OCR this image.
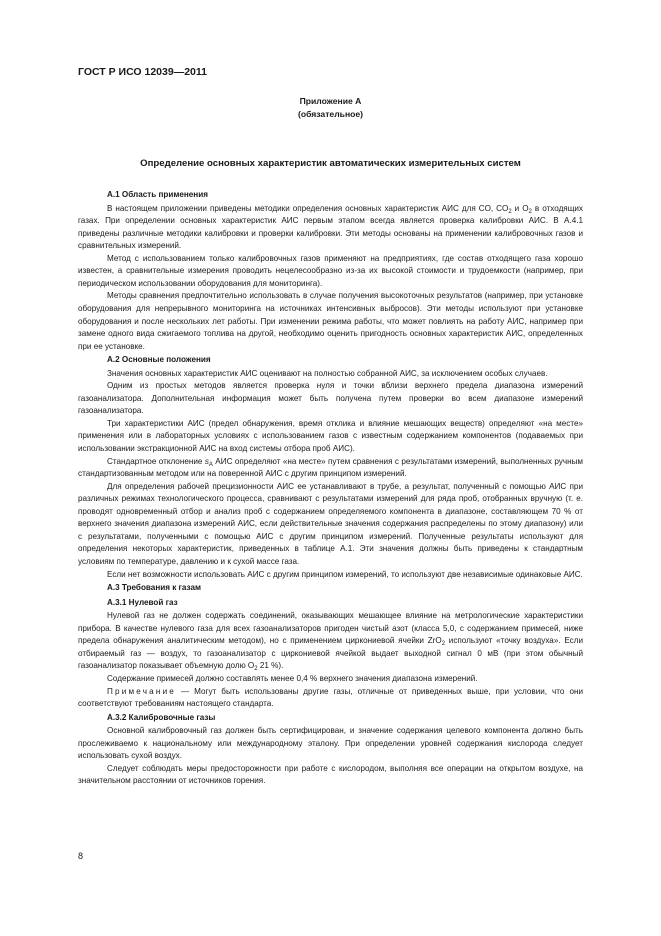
ГОСТ Р ИСО 12039—2011
Приложение А
(обязательное)
Определение основных характеристик автоматических измерительных систем
А.1 Область применения

В настоящем приложении приведены методики определения основных характеристик АИС для CO, $CO_2$ и $O_2$ в отходящих газах. При определении основных характеристик АИС первым этапом всегда является проверка калибровки АИС. В А.4.1 приведены различные методики калибровки и проверки калибровки. Эти методы основаны на применении калибровочных газов и сравнительных измерений.

Метод с использованием только калибровочных газов применяют на предприятиях, где состав отходящего газа хорошо известен, а сравнительные измерения проводить нецелесообразно из-за их высокой стоимости и трудоемкости (например, при периодическом использовании оборудования для мониторинга).

Методы сравнения предпочтительно использовать в случае получения высокоточных результатов (например, при установке оборудования для непрерывного мониторинга на источниках интенсивных выбросов). Эти методы используют при установке оборудования и после нескольких лет работы. При изменении режима работы, что может повлиять на работу АИС, например при замене одного вида сжигаемого топлива на другой, необходимо оценить пригодность основных характеристик АИС, определенных при ее установке.

А.2 Основные положения

Значения основных характеристик АИС оценивают на полностью собранной АИС, за исключением особых случаев.

Одним из простых методов является проверка нуля и точки вблизи верхнего предела диапазона измерений газоанализатора. Дополнительная информация может быть получена путем проверки во всем диапазоне измерений газоанализатора.

Три характеристики АИС (предел обнаружения, время отклика и влияние мешающих веществ) определяют «на месте» применения или в лабораторных условиях с использованием газов с известным содержанием компонентов (подаваемых при использовании экстракционной АИС на вход системы отбора проб АИС).

Стандартное отклонение $s_A$ АИС определяют «на месте» путем сравнения с результатами измерений, выполненных ручным стандартизованным методом или на поверенной АИС с другим принципом измерений.

Для определения рабочей прецизионности АИС ее устанавливают в трубе, а результат, полученный с помощью АИС при различных режимах технологического процесса, сравнивают с результатами измерений для ряда проб, отобранных вручную (т. е. проводят одновременный отбор и анализ проб с содержанием определяемого компонента в диапазоне, составляющем 70 % от верхнего значения диапазона измерений АИС, если действительные значения содержания распределены по этому диапазону) или с результатами, полученными с помощью АИС с другим принципом измерений. Полученные результаты используют для определения некоторых характеристик, приведенных в таблице А.1. Эти значения должны быть приведены к стандартным условиям по температуре, давлению и к сухой массе газа.

Если нет возможности использовать АИС с другим принципом измерений, то используют две независимые одинаковые АИС.

А.3 Требования к газам
А.3.1 Нулевой газ

Нулевой газ не должен содержать соединений, оказывающих мешающее влияние на метрологические характеристики прибора. В качестве нулевого газа для всех газоанализаторов пригоден чистый азот (класса 5,0, с содержанием примесей, ниже предела обнаружения аналитическим методом), но с применением циркониевой ячейки ZrO$_2$ используют «точку воздуха». Если отбираемый газ — воздух, то газоанализатор с циркониевой ячейкой выдает выходной сигнал 0 мВ (при этом обычный газоанализатор показывает объемную долю $O_2$ 21 %).

Содержание примесей должно составлять менее 0,4 % верхнего значения диапазона измерений.

Примечание — Могут быть использованы другие газы, отличные от приведенных выше, при условии, что они соответствуют требованиям настоящего стандарта.

А.3.2 Калибровочные газы

Основной калибровочный газ должен быть сертифицирован, и значение содержания целевого компонента должно быть прослеживаемо к национальному или международному эталону. При определении уровней содержания кислорода следует использовать сухой воздух.

Следует соблюдать меры предосторожности при работе с кислородом, выполняя все операции на открытом воздухе, на значительном расстоянии от источников горения.

8
